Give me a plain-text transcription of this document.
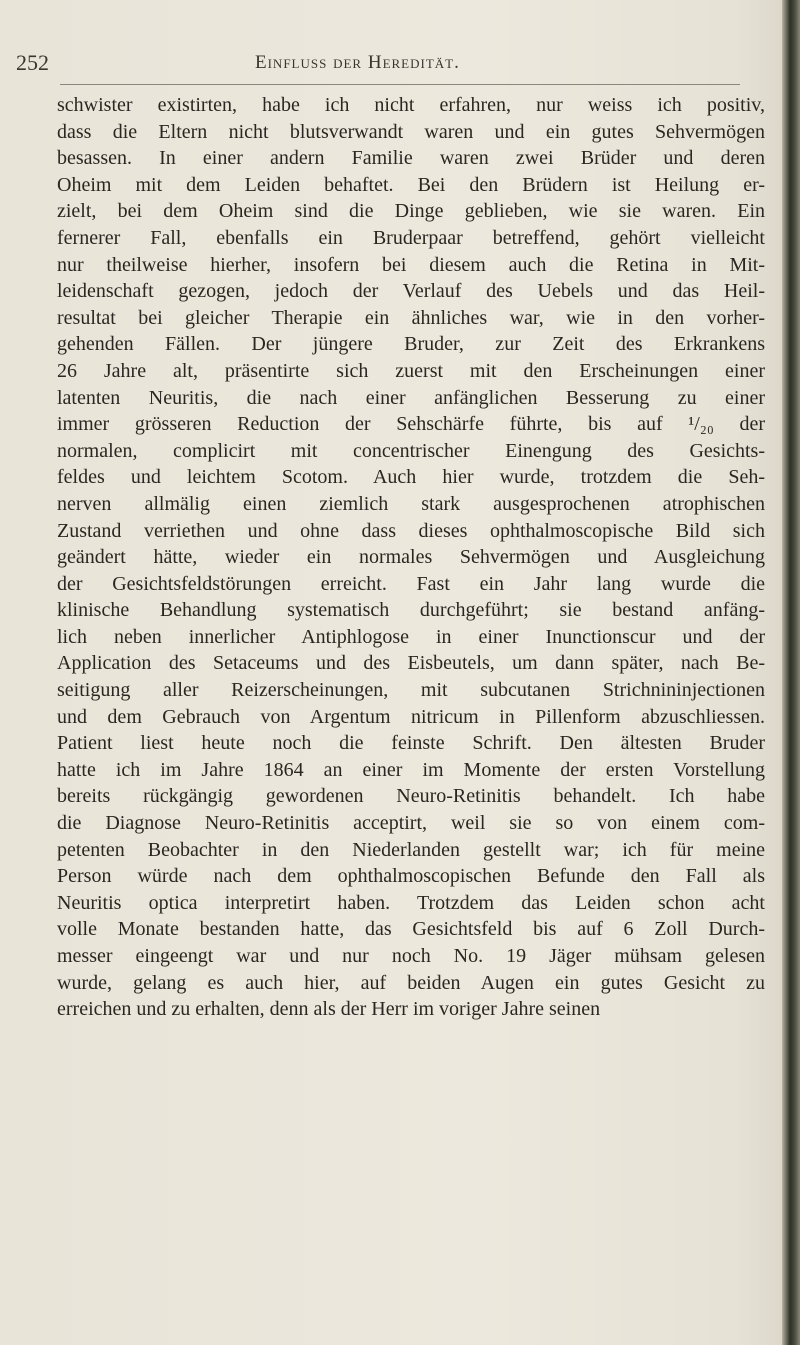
252	Einfluss der Heredität.
schwister existirten, habe ich nicht erfahren, nur weiss ich positiv,
dass die Eltern nicht blutsverwandt waren und ein gutes Sehvermögen
besassen. In einer andern Familie waren zwei Brüder und deren
Oheim mit dem Leiden behaftet. Bei den Brüdern ist Heilung er-
zielt, bei dem Oheim sind die Dinge geblieben, wie sie waren. Ein
fernerer Fall, ebenfalls ein Bruderpaar betreffend, gehört vielleicht
nur theilweise hierher, insofern bei diesem auch die Retina in Mit-
leidenschaft gezogen, jedoch der Verlauf des Uebels und das Heil-
resultat bei gleicher Therapie ein ähnliches war, wie in den vorher-
gehenden Fällen. Der jüngere Bruder, zur Zeit des Erkrankens
26 Jahre alt, präsentirte sich zuerst mit den Erscheinungen einer
latenten Neuritis, die nach einer anfänglichen Besserung zu einer
immer grösseren Reduction der Sehschärfe führte, bis auf ¹/₂₀ der
normalen, complicirt mit concentrischer Einengung des Gesichts-
feldes und leichtem Scotom. Auch hier wurde, trotzdem die Seh-
nerven allmälig einen ziemlich stark ausgesprochenen atrophischen
Zustand verriethen und ohne dass dieses ophthalmoscopische Bild sich
geändert hätte, wieder ein normales Sehvermögen und Ausgleichung
der Gesichtsfeldstörungen erreicht. Fast ein Jahr lang wurde die
klinische Behandlung systematisch durchgeführt; sie bestand anfäng-
lich neben innerlicher Antiphlogose in einer Inunctionscur und der
Application des Setaceums und des Eisbeutels, um dann später, nach Be-
seitigung aller Reizerscheinungen, mit subcutanen Strichnininjectionen
und dem Gebrauch von Argentum nitricum in Pillenform abzuschliessen.
Patient liest heute noch die feinste Schrift. Den ältesten Bruder
hatte ich im Jahre 1864 an einer im Momente der ersten Vorstellung
bereits rückgängig gewordenen Neuro-Retinitis behandelt. Ich habe
die Diagnose Neuro-Retinitis acceptirt, weil sie so von einem com-
petenten Beobachter in den Niederlanden gestellt war; ich für meine
Person würde nach dem ophthalmoscopischen Befunde den Fall als
Neuritis optica interpretirt haben. Trotzdem das Leiden schon acht
volle Monate bestanden hatte, das Gesichtsfeld bis auf 6 Zoll Durch-
messer eingeengt war und nur noch No. 19 Jäger mühsam gelesen
wurde, gelang es auch hier, auf beiden Augen ein gutes Gesicht zu
erreichen und zu erhalten, denn als der Herr im voriger Jahre seinen
